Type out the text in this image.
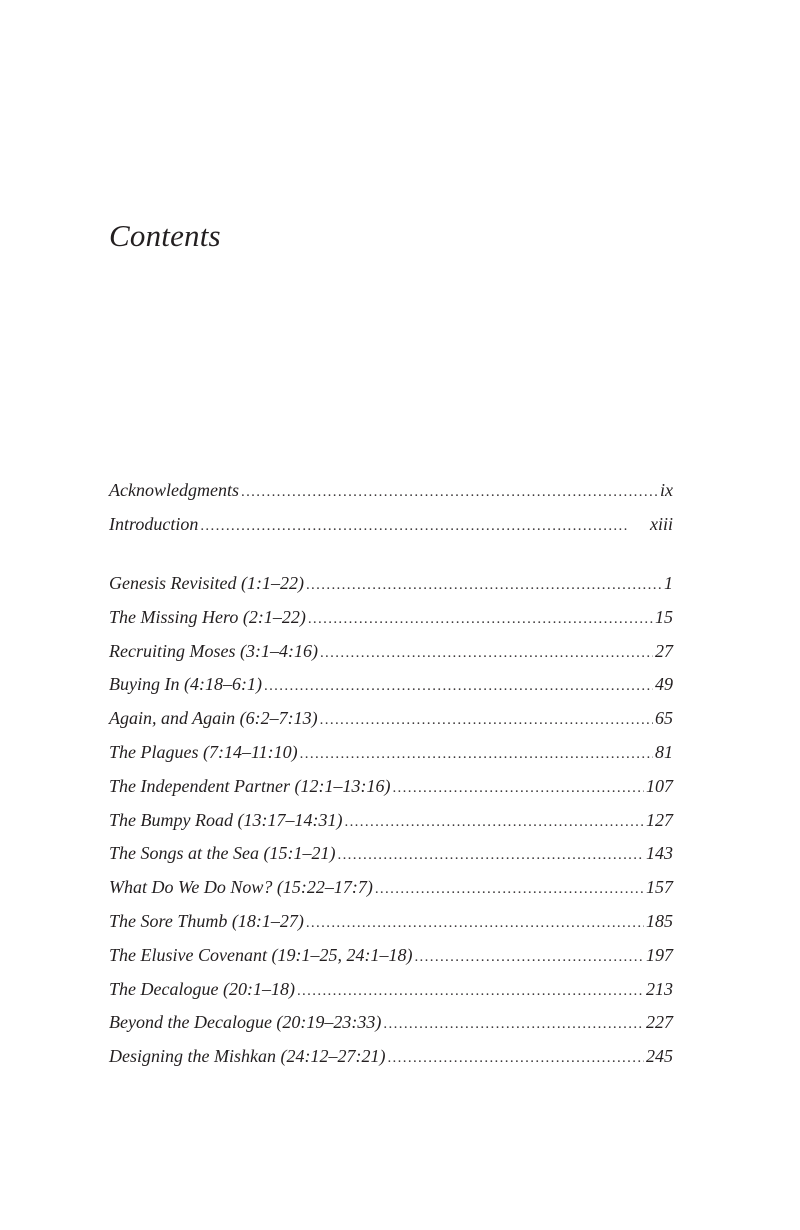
Contents
Acknowledgments . . .	ix
Introduction . . .	xiii
Genesis Revisited (1:1–22) . . .	1
The Missing Hero (2:1–22) . . .	15
Recruiting Moses (3:1–4:16) . . .	27
Buying In (4:18–6:1) . . .	49
Again, and Again (6:2–7:13) . . .	65
The Plagues (7:14–11:10) . . .	81
The Independent Partner (12:1–13:16) . . .	107
The Bumpy Road (13:17–14:31) . . .	127
The Songs at the Sea (15:1–21) . . .	143
What Do We Do Now? (15:22–17:7) . . .	157
The Sore Thumb (18:1–27) . . .	185
The Elusive Covenant (19:1–25, 24:1–18) . . .	197
The Decalogue (20:1–18) . . .	213
Beyond the Decalogue (20:19–23:33) . . .	227
Designing the Mishkan (24:12–27:21) . . .	245
